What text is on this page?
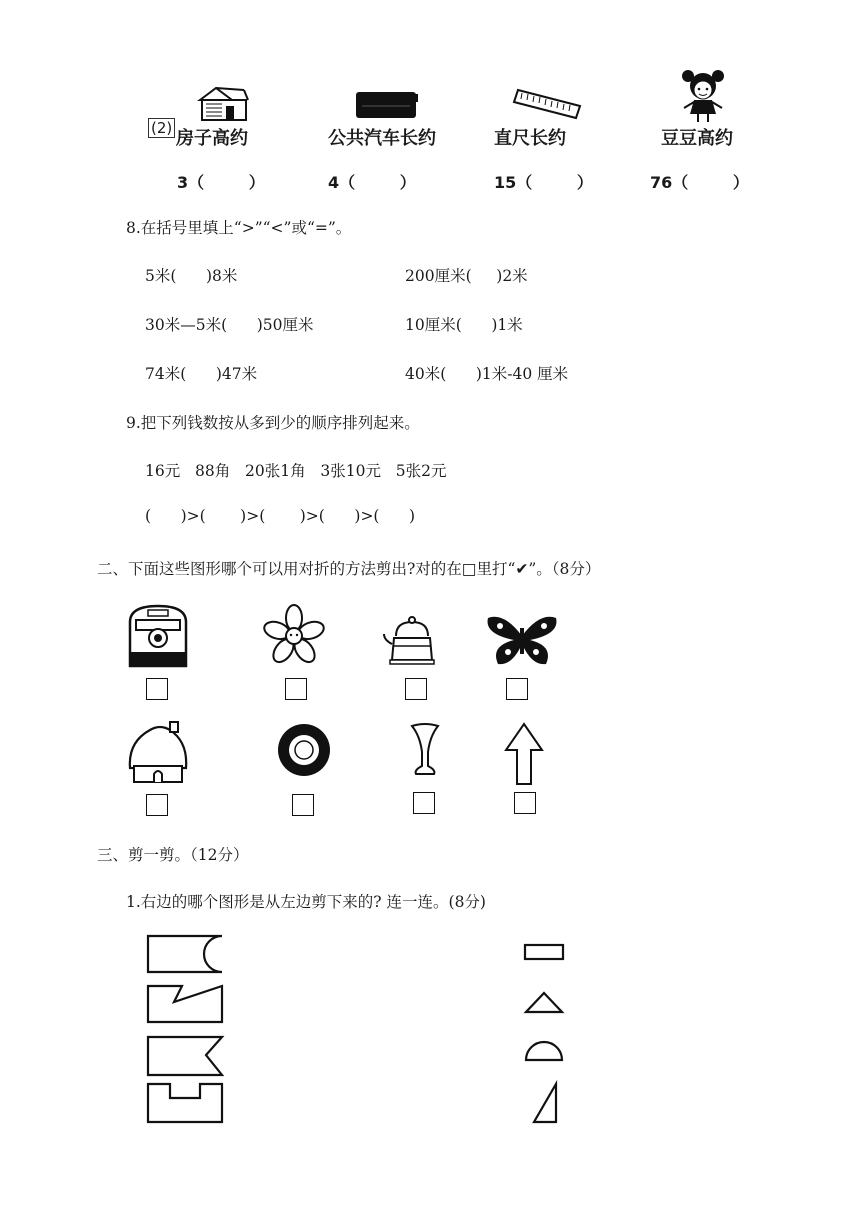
(2) 房子高约
3（        ）
公共汽车长约
4（        ）
直尺长约
15（        ）
豆豆高约
76（        ）
8.在括号里填上“>”“<”或“=”。
5米(      )8米	200厘米(     )2米
30米—5米(      )50厘米	10厘米(      )1米
74米(      )47米	40米(      )1米-40 厘米
9.把下列钱数按从多到少的顺序排列起来。
16元   88角   20张1角   3张10元   5张2元
(      )>(       )>(       )>(      )>(      )
二、下面这些图形哪个可以用对折的方法剪出?对的在□里打“✔”。（8分）
三、剪一剪。（12分）
1.右边的哪个图形是从左边剪下来的? 连一连。(8分)
